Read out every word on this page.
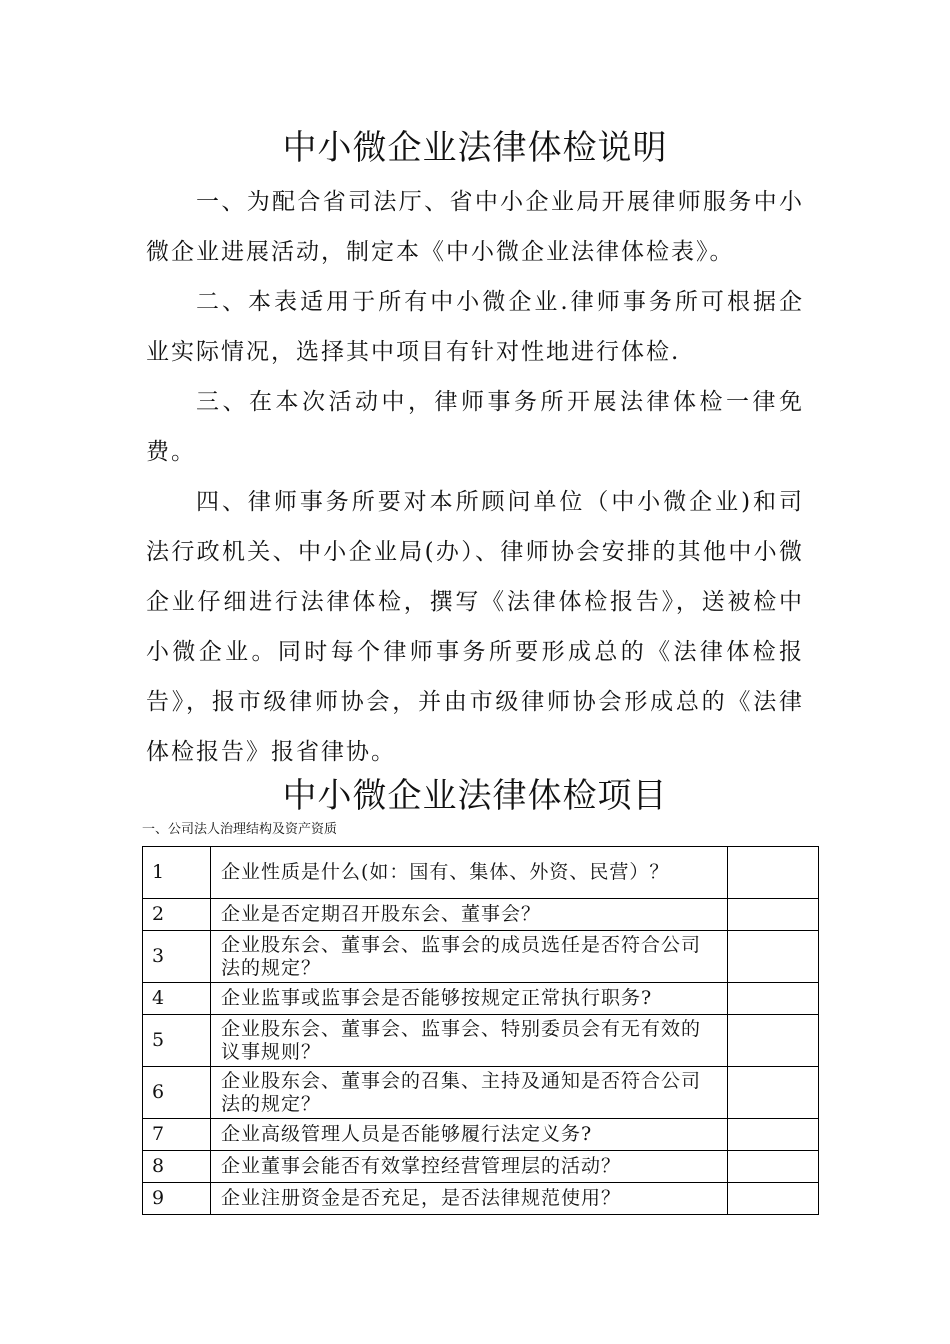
中小微企业法律体检说明

一、为配合省司法厅、省中小企业局开展律师服务中小微企业进展活动，制定本《中小微企业法律体检表》。

二、本表适用于所有中小微企业.律师事务所可根据企业实际情况，选择其中项目有针对性地进行体检.

三、在本次活动中，律师事务所开展法律体检一律免费。

四、律师事务所要对本所顾问单位（中小微企业)和司法行政机关、中小企业局(办）、律师协会安排的其他中小微企业仔细进行法律体检，撰写《法律体检报告》，送被检中小微企业。同时每个律师事务所要形成总的《法律体检报告》，报市级律师协会，并由市级律师协会形成总的《法律体检报告》报省律协。

中小微企业法律体检项目

一、公司法人治理结构及资产资质

1	企业性质是什么(如：国有、集体、外资、民营）？	
2	企业是否定期召开股东会、董事会？	
3	企业股东会、董事会、监事会的成员选任是否符合公司法的规定？	
4	企业监事或监事会是否能够按规定正常执行职务?	
5	企业股东会、董事会、监事会、特别委员会有无有效的议事规则？	
6	企业股东会、董事会的召集、主持及通知是否符合公司法的规定？	
7	企业高级管理人员是否能够履行法定义务?	
8	企业董事会能否有效掌控经营管理层的活动？	
9	企业注册资金是否充足，是否法律规范使用？	
